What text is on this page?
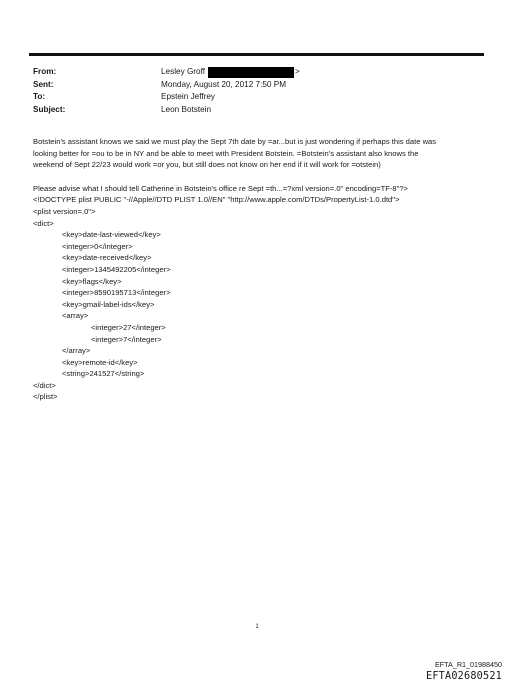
From:	Lesley Groff	>
Sent:	Monday, August 20, 2012 7:50 PM
To:	Epstein Jeffrey
Subject:	Leon Botstein
Botstein's assistant knows we said we must play the Sept 7th date by =ar...but is just wondering if perhaps this date was
looking better for =ou to be in NY and be able to meet with President Botstein. =Botstein's assistant also knows the
weekend of Sept 22/23 would work =or you, but still does not know on her end if it will work for =otstein)
Please advise what I should tell Catherine in Botstein's office re Sept =th...=?xml version=.0" encoding=TF-8"?>
<!DOCTYPE plist PUBLIC "-//Apple//DTD PLIST 1.0//EN" "http://www.apple.com/DTDs/PropertyList-1.0.dtd">
<plist version=.0">
<dict>
<key>date-last-viewed</key>
<integer>0</integer>
<key>date-received</key>
<integer>1345492205</integer>
<key>flags</key>
<integer>8590195713</integer>
<key>gmail-label-ids</key>
<array>
<integer>27</integer>
<integer>7</integer>
</array>
<key>remote-id</key>
<string>241527</string>
</dict>
</plist>
1
EFTA_R1_01988450
EFTA02680521
